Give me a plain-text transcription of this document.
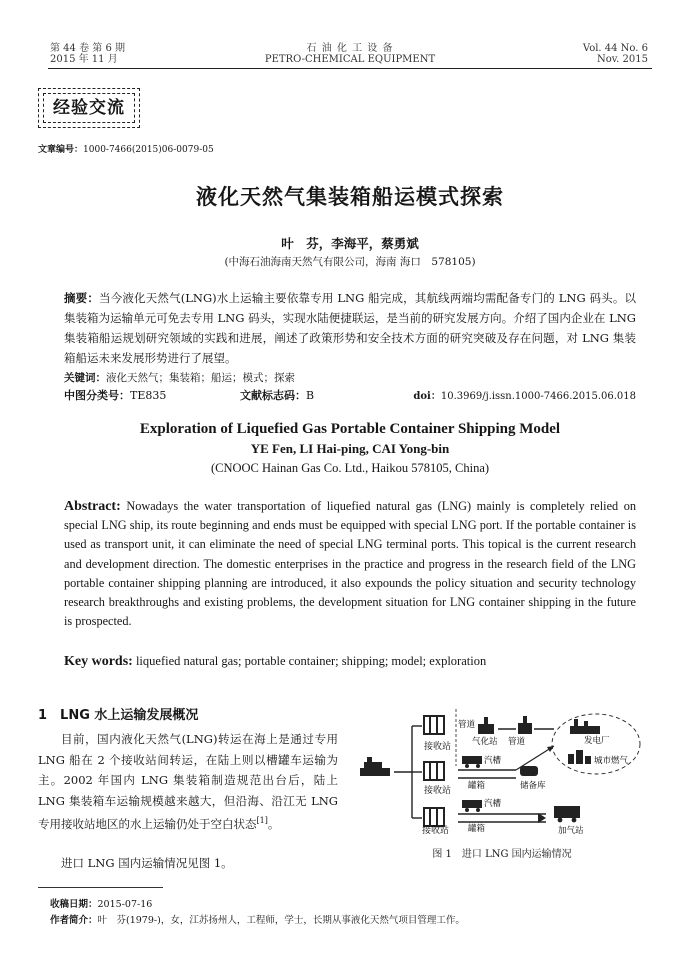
第 44 卷 第 6 期
2015 年 11 月
石 油 化 工 设 备
PETRO-CHEMICAL EQUIPMENT
Vol. 44 No. 6
Nov. 2015
经验交流
文章编号：1000-7466(2015)06-0079-05
液化天然气集装箱船运模式探索
叶　芬，李海平，蔡勇斌
(中海石油海南天然气有限公司，海南 海口　578105)
摘要：当今液化天然气(LNG)水上运输主要依靠专用 LNG 船完成，其航线两端均需配备专门的 LNG 码头。以集装箱为运输单元可免去专用 LNG 码头，实现水陆便捷联运，是当前的研究发展方向。介绍了国内企业在 LNG 集装箱船运规划研究领域的实践和进展，阐述了政策形势和安全技术方面的研究突破及存在问题，对 LNG 集装箱船运未来发展形势进行了展望。
关键词：液化天然气；集装箱；船运；模式；探索
中图分类号：TE835	文献标志码：B	doi：10.3969/j.issn.1000-7466.2015.06.018
Exploration of Liquefied Gas Portable Container Shipping Model
YE Fen, LI Hai-ping, CAI Yong-bin
(CNOOC Hainan Gas Co. Ltd., Haikou 578105, China)
Abstract: Nowadays the water transportation of liquefied natural gas (LNG) mainly is completely relied on special LNG ship, its route beginning and ends must be equipped with special LNG port. If the portable container is used as transport unit, it can eliminate the need of special LNG terminal ports. This topical is the current research and development direction. The domestic enterprises in the practice and progress in the research field of the LNG portable container shipping planning are introduced, it also expounds the policy situation and security technology research breakthroughs and existing problems, the development situation for LNG container shipping in the future is prospected.
Key words: liquefied natural gas; portable container; shipping; model; exploration
1　LNG 水上运输发展概况
目前，国内液化天然气(LNG)转运在海上是通过专用 LNG 船在 2 个接收站间转运，在陆上则以槽罐车运输为主。2002 年国内 LNG 集装箱制造规范出台后，陆上 LNG 集装箱车运输规模越来越大，但沿海、沿江无 LNG 专用接收站地区的水上运输仍处于空白状态[1]。
进口 LNG 国内运输情况见图 1。
接收站
管道
气化站 管道	发电厂
城市燃气
接收站
汽槽
罐箱	储备库
接收站
汽槽
罐箱	加气站
图 1　进口 LNG 国内运输情况
收稿日期：2015-07-16
作者简介：叶　芬(1979-)，女，江苏扬州人，工程师，学士，长期从事液化天然气项目管理工作。
